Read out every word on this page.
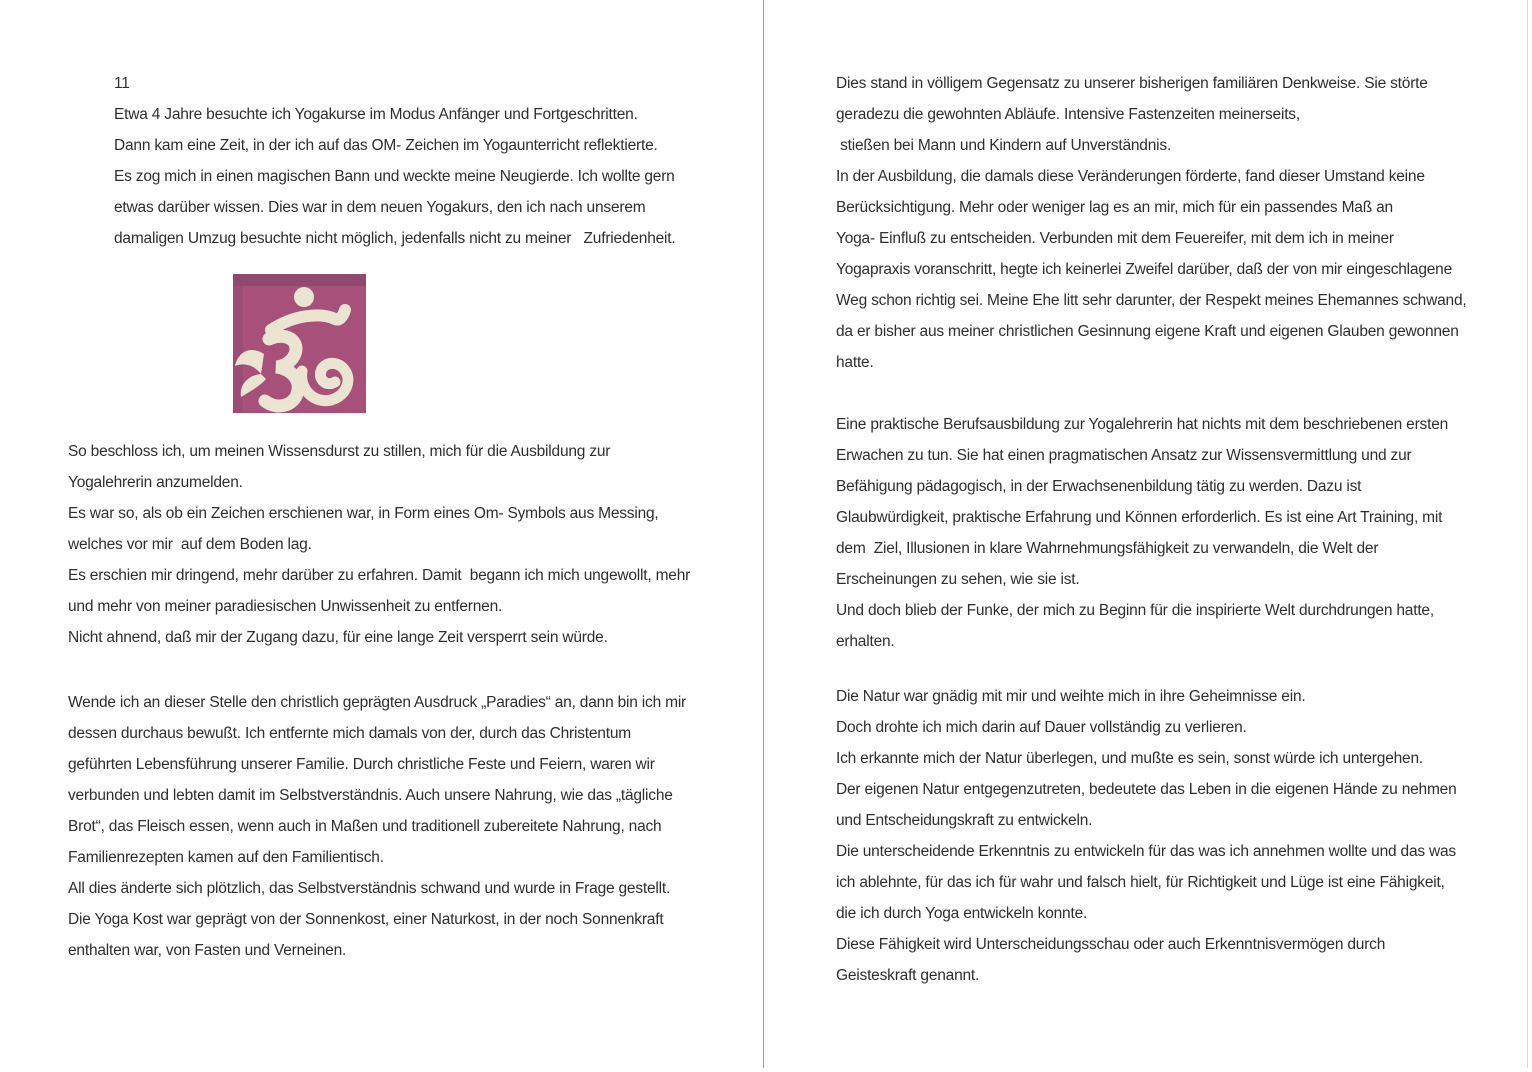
11
Etwa 4 Jahre besuchte ich Yogakurse im Modus Anfänger und Fortgeschritten.
Dann kam eine Zeit, in der ich auf das OM- Zeichen im Yogaunterricht reflektierte.
Es zog mich in einen magischen Bann und weckte meine Neugierde. Ich wollte gern
etwas darüber wissen. Dies war in dem neuen Yogakurs, den ich nach unserem
damaligen Umzug besuchte nicht möglich, jedenfalls nicht zu meiner   Zufriedenheit.
So beschloss ich, um meinen Wissensdurst zu stillen, mich für die Ausbildung zur
Yogalehrerin anzumelden.
Es war so, als ob ein Zeichen erschienen war, in Form eines Om- Symbols aus Messing,
welches vor mir  auf dem Boden lag.
Es erschien mir dringend, mehr darüber zu erfahren. Damit  begann ich mich ungewollt, mehr
und mehr von meiner paradiesischen Unwissenheit zu entfernen.
Nicht ahnend, daß mir der Zugang dazu, für eine lange Zeit versperrt sein würde.
Wende ich an dieser Stelle den christlich geprägten Ausdruck „Paradies“ an, dann bin ich mir
dessen durchaus bewußt. Ich entfernte mich damals von der, durch das Christentum
geführten Lebensführung unserer Familie. Durch christliche Feste und Feiern, waren wir
verbunden und lebten damit im Selbstverständnis. Auch unsere Nahrung, wie das „tägliche
Brot“, das Fleisch essen, wenn auch in Maßen und traditionell zubereitete Nahrung, nach
Familienrezepten kamen auf den Familientisch.
All dies änderte sich plötzlich, das Selbstverständnis schwand und wurde in Frage gestellt.
Die Yoga Kost war geprägt von der Sonnenkost, einer Naturkost, in der noch Sonnenkraft
enthalten war, von Fasten und Verneinen.
Dies stand in völligem Gegensatz zu unserer bisherigen familiären Denkweise. Sie störte
geradezu die gewohnten Abläufe. Intensive Fastenzeiten meinerseits,
stießen bei Mann und Kindern auf Unverständnis.
In der Ausbildung, die damals diese Veränderungen förderte, fand dieser Umstand keine
Berücksichtigung. Mehr oder weniger lag es an mir, mich für ein passendes Maß an
Yoga- Einfluß zu entscheiden. Verbunden mit dem Feuereifer, mit dem ich in meiner
Yogapraxis voranschritt, hegte ich keinerlei Zweifel darüber, daß der von mir eingeschlagene
Weg schon richtig sei. Meine Ehe litt sehr darunter, der Respekt meines Ehemannes schwand,
da er bisher aus meiner christlichen Gesinnung eigene Kraft und eigenen Glauben gewonnen
hatte.
Eine praktische Berufsausbildung zur Yogalehrerin hat nichts mit dem beschriebenen ersten
Erwachen zu tun. Sie hat einen pragmatischen Ansatz zur Wissensvermittlung und zur
Befähigung pädagogisch, in der Erwachsenenbildung tätig zu werden. Dazu ist
Glaubwürdigkeit, praktische Erfahrung und Können erforderlich. Es ist eine Art Training, mit
dem  Ziel, Illusionen in klare Wahrnehmungsfähigkeit zu verwandeln, die Welt der
Erscheinungen zu sehen, wie sie ist.
Und doch blieb der Funke, der mich zu Beginn für die inspirierte Welt durchdrungen hatte,
erhalten.
Die Natur war gnädig mit mir und weihte mich in ihre Geheimnisse ein.
Doch drohte ich mich darin auf Dauer vollständig zu verlieren.
Ich erkannte mich der Natur überlegen, und mußte es sein, sonst würde ich untergehen.
Der eigenen Natur entgegenzutreten, bedeutete das Leben in die eigenen Hände zu nehmen
und Entscheidungskraft zu entwickeln.
Die unterscheidende Erkenntnis zu entwickeln für das was ich annehmen wollte und das was
ich ablehnte, für das ich für wahr und falsch hielt, für Richtigkeit und Lüge ist eine Fähigkeit,
die ich durch Yoga entwickeln konnte.
Diese Fähigkeit wird Unterscheidungsschau oder auch Erkenntnisvermögen durch
Geisteskraft genannt.
